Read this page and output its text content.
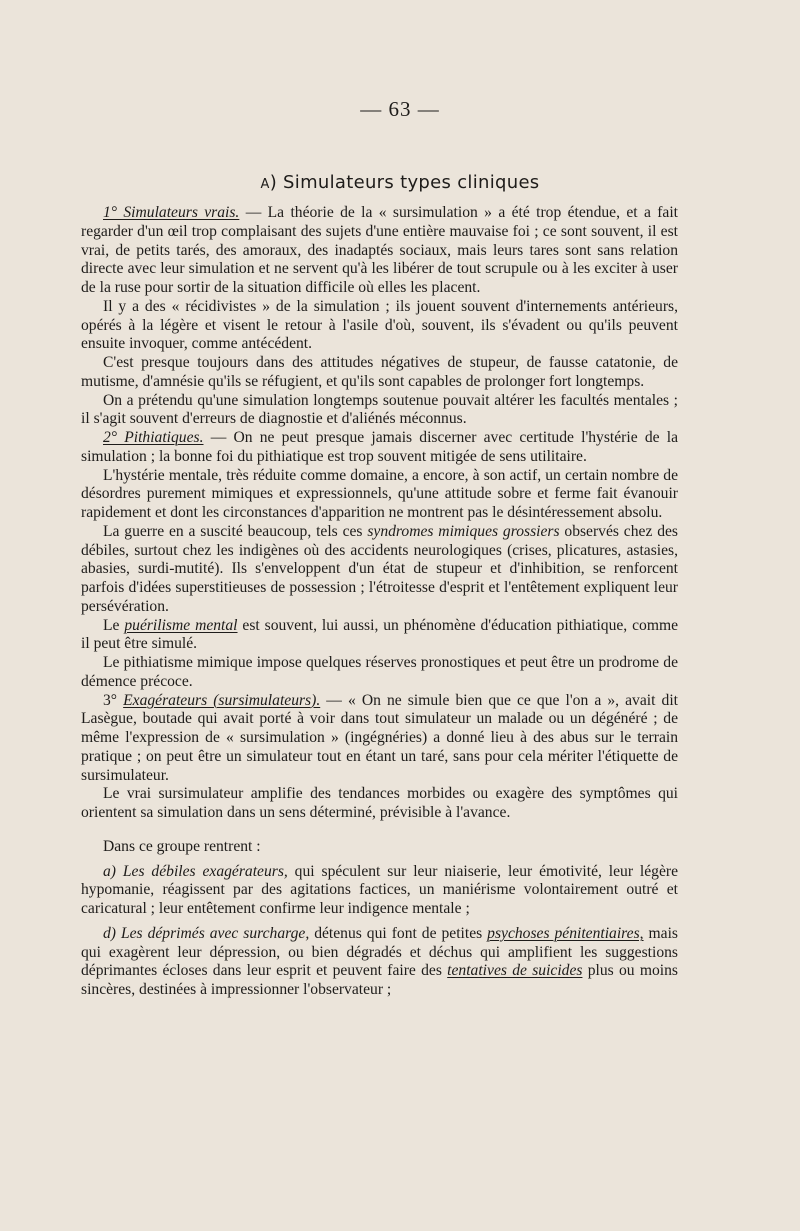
— 63 —
a) Simulateurs types cliniques

1° Simulateurs vrais. — La théorie de la « sursimulation » a été trop étendue, et a fait regarder d'un œil trop complaisant des sujets d'une entière mauvaise foi ; ce sont souvent, il est vrai, de petits tarés, des amoraux, des inadaptés sociaux, mais leurs tares sont sans relation directe avec leur simulation et ne servent qu'à les libérer de tout scrupule ou à les exciter à user de la ruse pour sortir de la situation difficile où elles les placent.

Il y a des « récidivistes » de la simulation ; ils jouent souvent d'internements antérieurs, opérés à la légère et visent le retour à l'asile d'où, souvent, ils s'évadent ou qu'ils peuvent ensuite invoquer, comme antécédent.

C'est presque toujours dans des attitudes négatives de stupeur, de fausse catatonie, de mutisme, d'amnésie qu'ils se réfugient, et qu'ils sont capables de prolonger fort longtemps.

On a prétendu qu'une simulation longtemps soutenue pouvait altérer les facultés mentales ; il s'agit souvent d'erreurs de diagnostie et d'aliénés méconnus.

2° Pithiatiques. — On ne peut presque jamais discerner avec certitude l'hystérie de la simulation ; la bonne foi du pithiatique est trop souvent mitigée de sens utilitaire.

L'hystérie mentale, très réduite comme domaine, a encore, à son actif, un certain nombre de désordres purement mimiques et expressionnels, qu'une attitude sobre et ferme fait évanouir rapidement et dont les circonstances d'apparition ne montrent pas le désintéressement absolu.

La guerre en a suscité beaucoup, tels ces syndromes mimiques grossiers observés chez des débiles, surtout chez les indigènes où des accidents neurologiques (crises, plicatures, astasies, abasies, surdi-mutité). Ils s'enveloppent d'un état de stupeur et d'inhibition, se renforcent parfois d'idées superstitieuses de possession ; l'étroitesse d'esprit et l'entêtement expliquent leur persévération.

Le puérilisme mental est souvent, lui aussi, un phénomène d'éducation pithiatique, comme il peut être simulé.

Le pithiatisme mimique impose quelques réserves pronostiques et peut être un prodrome de démence précoce.

3° Exagérateurs (sursimulateurs). — « On ne simule bien que ce que l'on a », avait dit Lasègue, boutade qui avait porté à voir dans tout simulateur un malade ou un dégénéré ; de même l'expression de « sursimulation » (ingégnéries) a donné lieu à des abus sur le terrain pratique ; on peut être un simulateur tout en étant un taré, sans pour cela mériter l'étiquette de sursimulateur.

Le vrai sursimulateur amplifie des tendances morbides ou exagère des symptômes qui orientent sa simulation dans un sens déterminé, prévisible à l'avance.

Dans ce groupe rentrent :

a) Les débiles exagérateurs, qui spéculent sur leur niaiserie, leur émotivité, leur légère hypomanie, réagissent par des agitations factices, un maniérisme volontairement outré et caricatural ; leur entêtement confirme leur indigence mentale ;

d) Les déprimés avec surcharge, détenus qui font de petites psychoses pénitentiaires, mais qui exagèrent leur dépression, ou bien dégradés et déchus qui amplifient les suggestions déprimantes écloses dans leur esprit et peuvent faire des tentatives de suicides plus ou moins sincères, destinées à impressionner l'observateur ;
